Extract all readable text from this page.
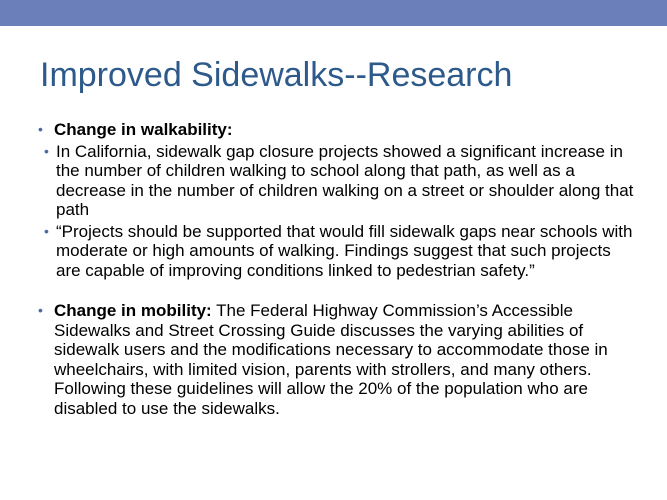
Improved Sidewalks--Research
• Change in walkability:
• In California, sidewalk gap closure projects showed a significant increase in the number of children walking to school along that path, as well as a decrease in the number of children walking on a street or shoulder along that path
• “Projects should be supported that would fill sidewalk gaps near schools with moderate or high amounts of walking. Findings suggest that such projects are capable of improving conditions linked to pedestrian safety.”
• Change in mobility: The Federal Highway Commission’s Accessible Sidewalks and Street Crossing Guide discusses the varying abilities of sidewalk users and the modifications necessary to accommodate those in wheelchairs, with limited vision, parents with strollers, and many others. Following these guidelines will allow the 20% of the population who are disabled to use the sidewalks.
